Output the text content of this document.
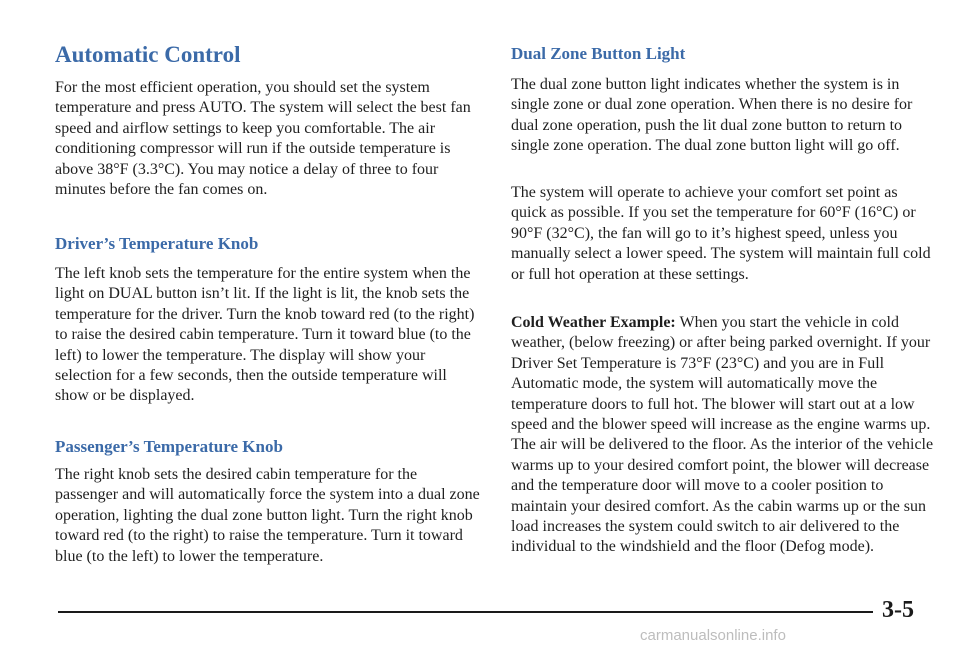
Automatic Control

For the most efficient operation, you should set the system temperature and press AUTO. The system will select the best fan speed and airflow settings to keep you comfortable. The air conditioning compressor will run if the outside temperature is above 38°F (3.3°C). You may notice a delay of three to four minutes before the fan comes on.

Driver’s Temperature Knob

The left knob sets the temperature for the entire system when the light on DUAL button isn’t lit. If the light is lit, the knob sets the temperature for the driver. Turn the knob toward red (to the right) to raise the desired cabin temperature. Turn it toward blue (to the left) to lower the temperature. The display will show your selection for a few seconds, then the outside temperature will show or be displayed.

Passenger’s Temperature Knob

The right knob sets the desired cabin temperature for the passenger and will automatically force the system into a dual zone operation, lighting the dual zone button light. Turn the right knob toward red (to the right) to raise the temperature. Turn it toward blue (to the left) to lower the temperature.

Dual Zone Button Light

The dual zone button light indicates whether the system is in single zone or dual zone operation. When there is no desire for dual zone operation, push the lit dual zone button to return to single zone operation. The dual zone button light will go off.

The system will operate to achieve your comfort set point as quick as possible. If you set the temperature for 60°F (16°C) or 90°F (32°C), the fan will go to it’s highest speed, unless you manually select a lower speed. The system will maintain full cold or full hot operation at these settings.

Cold Weather Example: When you start the vehicle in cold weather, (below freezing) or after being parked overnight. If your Driver Set Temperature is 73°F (23°C) and you are in Full Automatic mode, the system will automatically move the temperature doors to full hot. The blower will start out at a low speed and the blower speed will increase as the engine warms up. The air will be delivered to the floor. As the interior of the vehicle warms up to your desired comfort point, the blower will decrease and the temperature door will move to a cooler position to maintain your desired comfort. As the cabin warms up or the sun load increases the system could switch to air delivered to the individual to the windshield and the floor (Defog mode).

3-5
carmanualsonline.info
